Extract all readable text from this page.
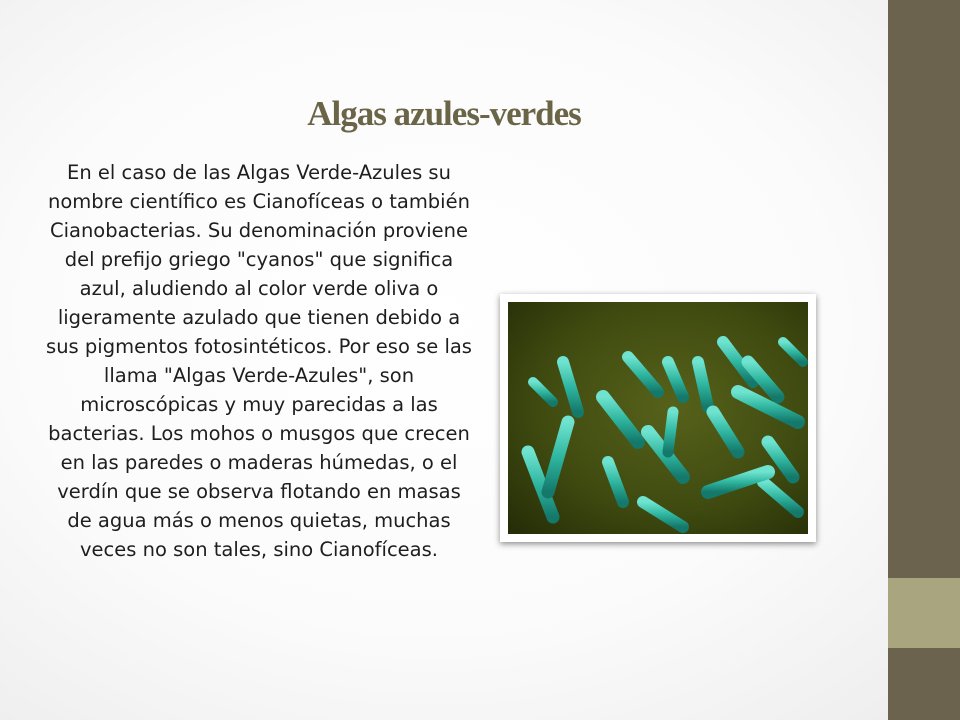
Algas azules-verdes
En el caso de las Algas Verde-Azules su nombre científico es Cianofíceas o también Cianobacterias. Su denominación proviene del prefijo griego "cyanos" que significa azul, aludiendo al color verde oliva o ligeramente azulado que tienen debido a sus pigmentos fotosintéticos. Por eso se las llama "Algas Verde-Azules", son microscópicas y muy parecidas a las bacterias. Los mohos o musgos que crecen en las paredes o maderas húmedas, o el verdín que se observa flotando en masas de agua más o menos quietas, muchas veces no son tales, sino Cianofíceas.
